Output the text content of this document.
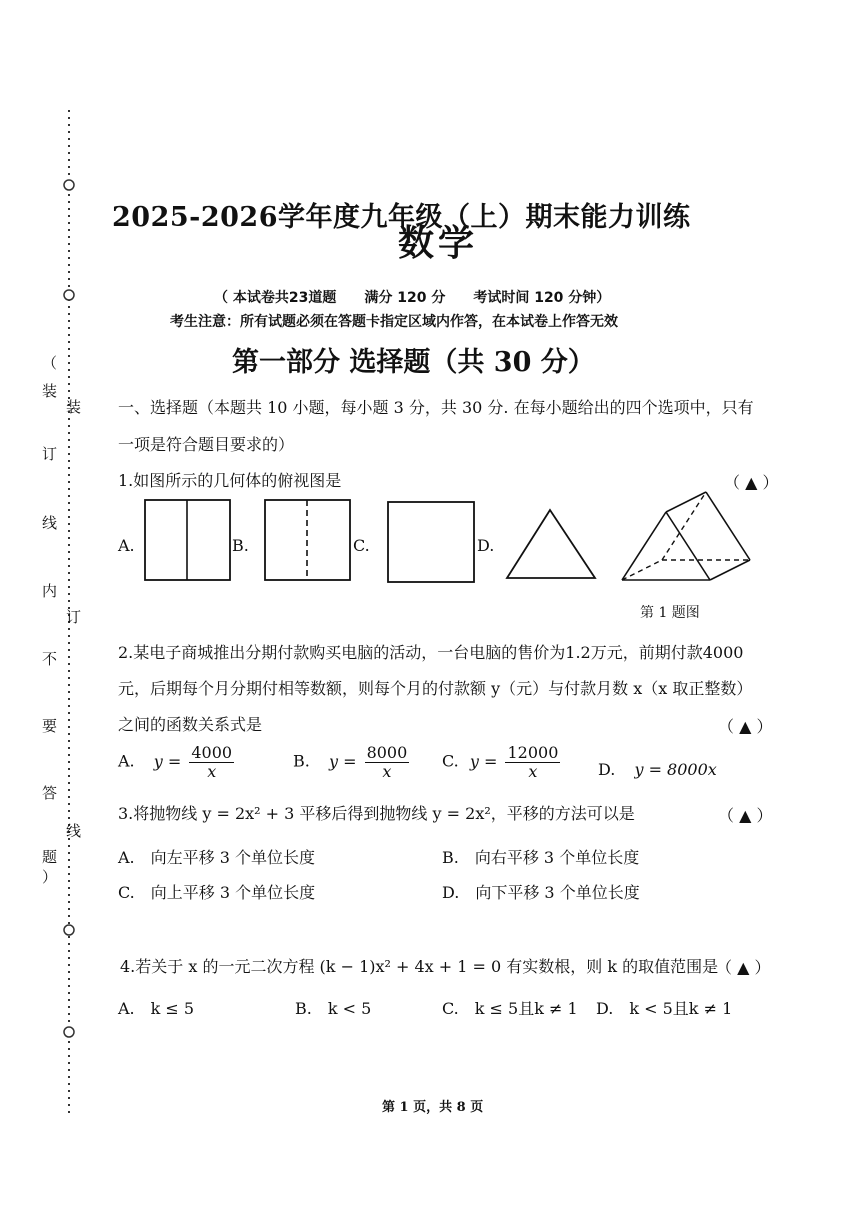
（
装
订
线
内
不
要
答
题
）
装
订
线
2025-2026学年度九年级（上）期末能力训练
数学
（ 本试卷共23道题　　满分 120 分　　考试时间 120 分钟）
考生注意：所有试题必须在答题卡指定区域内作答，在本试卷上作答无效
第一部分 选择题（共 30 分）
一、选择题（本题共 10 小题，每小题 3 分，共 30 分. 在每小题给出的四个选项中，只有
一项是符合题目要求的）
1.如图所示的几何体的俯视图是	（ ▲ ）
A.	B.	C.	D.
第 1 题图
2.某电子商城推出分期付款购买电脑的活动，一台电脑的售价为1.2万元，前期付款4000
元，后期每个月分期付相等数额，则每个月的付款额 y（元）与付款月数 x（x 取正整数）
之间的函数关系式是	（ ▲ ）
A. $y = \frac{4000}{x}$	B. $y = \frac{8000}{x} C$. $y = \frac{12000}{x} D$. y = 8000x
3.将抛物线 y = 2x² + 3 平移后得到抛物线 y = 2x²，平移的方法可以是	（ ▲ ）
A.　向左平移 3 个单位长度	B.　向右平移 3 个单位长度
C.　向上平移 3 个单位长度	D.　向下平移 3 个单位长度
4.若关于 x 的一元二次方程 (k − 1)x² + 4x + 1 = 0 有实数根，则 k 的取值范围是
（ ▲ ）
A.　k ≤ 5	B.　k < 5	C.　k ≤ 5且k ≠ 1 D.　k < 5且k ≠ 1
第 1 页，共 8 页
